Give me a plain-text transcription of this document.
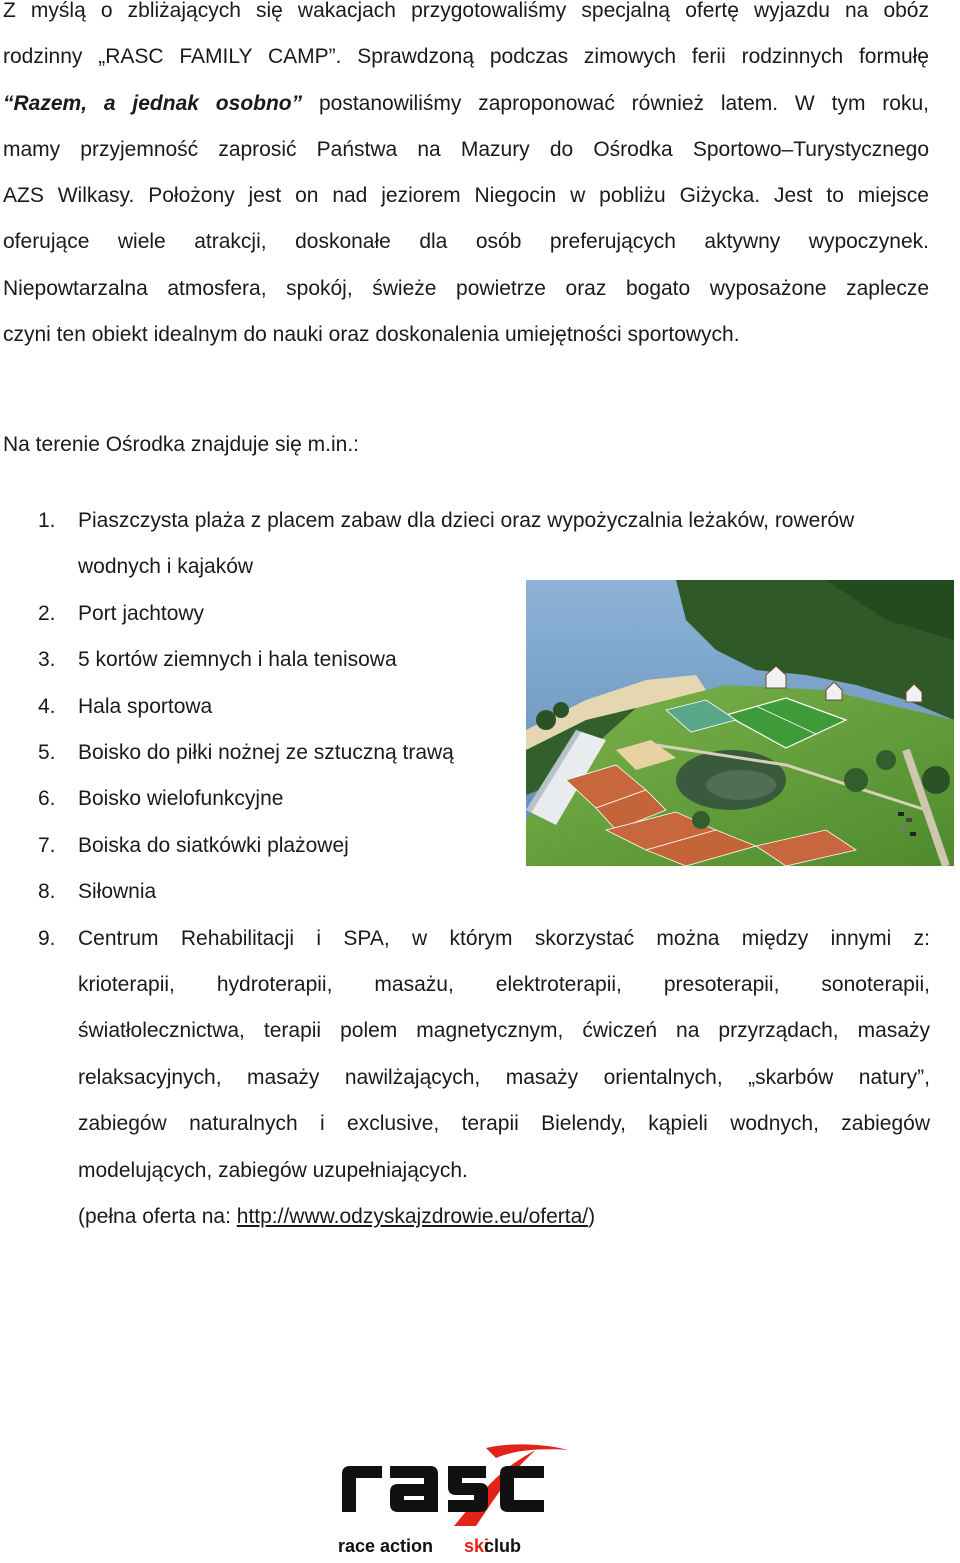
Z myślą o zbliżających się wakacjach przygotowaliśmy specjalną ofertę wyjazdu na obóz
rodzinny „RASC FAMILY CAMP”. Sprawdzoną podczas zimowych ferii rodzinnych formułę
“Razem, a jednak osobno” postanowiliśmy zaproponować również latem. W tym roku,
mamy przyjemność zaprosić Państwa na Mazury do Ośrodka Sportowo–Turystycznego
AZS Wilkasy. Położony jest on nad jeziorem Niegocin w pobliżu Giżycka. Jest to miejsce
oferujące wiele atrakcji, doskonałe dla osób preferujących aktywny wypoczynek.
Niepowtarzalna atmosfera, spokój, świeże powietrze oraz bogato wyposażone zaplecze
czyni ten obiekt idealnym do nauki oraz doskonalenia umiejętności sportowych.

Na terenie Ośrodka znajduje się m.in.:

1. Piaszczysta plaża z placem zabaw dla dzieci oraz wypożyczalnia leżaków, rowerów
wodnych i kajaków
2. Port jachtowy
3. 5 kortów ziemnych i hala tenisowa
4. Hala sportowa
5. Boisko do piłki nożnej ze sztuczną trawą
6. Boisko wielofunkcyjne
7. Boiska do siatkówki plażowej
8. Siłownia
9. Centrum Rehabilitacji i SPA, w którym skorzystać można między innymi z:
krioterapii, hydroterapii, masażu, elektroterapii, presoterapii, sonoterapii,
światłolecznictwa, terapii polem magnetycznym, ćwiczeń na przyrządach, masaży
relaksacyjnych, masaży nawilżających, masaży orientalnych, „skarbów natury”,
zabiegów naturalnych i exclusive, terapii Bielendy, kąpieli wodnych, zabiegów
modelujących, zabiegów uzupełniających.
(pełna oferta na: http://www.odzyskajzdrowie.eu/oferta/)
race action ski
club
